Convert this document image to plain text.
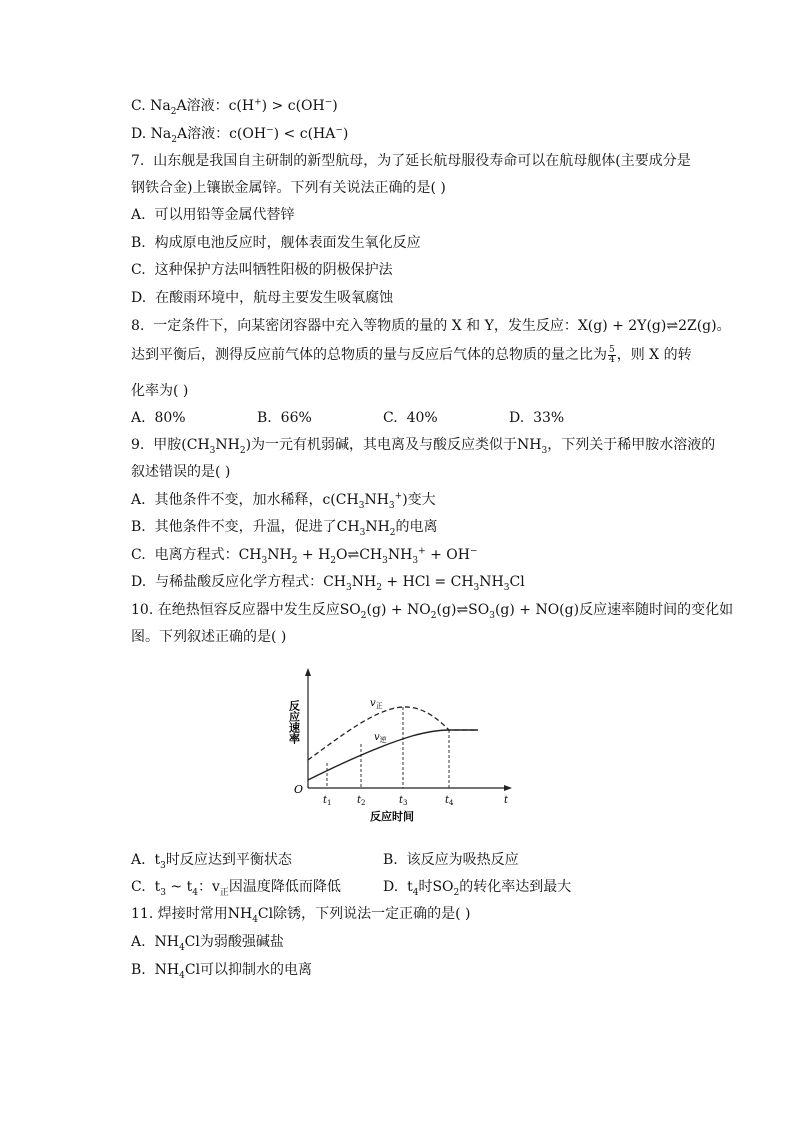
C. $Na_2A$溶液：c(H+) > c(OH−)
D. $Na_2A$溶液：c(OH−) < c(HA−)
7. 山东舰是我国自主研制的新型航母，为了延长航母服役寿命可以在航母舰体(主要成分是
钢铁合金)上镶嵌金属锌。下列有关说法正确的是( )
A. 可以用铅等金属代替锌
B. 构成原电池反应时，舰体表面发生氧化反应
C. 这种保护方法叫牺牲阳极的阴极保护法
D. 在酸雨环境中，航母主要发生吸氧腐蚀
8. 一定条件下，向某密闭容器中充入等物质的量的 X 和 Y，发生反应：X(g) + 2Y(g)⇌2Z(g)。
达到平衡后，测得反应前气体的总物质的量与反应后气体的总物质的量之比为 $\frac{5}{4}$ ，则 X 的转
化率为( )
A. 80%	B. 66%	C. 40%	D. 33%
9. 甲胺$(CH_3NH_2)$为一元有机弱碱，其电离及与酸反应类似于$NH_3$，下列关于稀甲胺水溶液的
叙述错误的是( )
A. 其他条件不变，加水稀释，$c(CH_3NH_3^+)$变大
B. 其他条件不变，升温，促进了$CH_3NH_2$的电离
C. 电离方程式：$CH_3NH_2$ + $H_2O\rightleftharpoons CH_3NH_3^+ + OH^-$
D. 与稀盐酸反应化学方程式：$CH_3NH_2$ + HCl = $CH_3NH_3Cl$
10. 在绝热恒容反应器中发生反应$SO_2(g)$ + $NO_2(g)\rightleftharpoons SO_3(g) + NO(g)$反应速率随时间的变化如
图。下列叙述正确的是( )
$v_正$
$v_逆$
反应速率
O
$t_1$	$t_2$	$t_3$	$t_4$	t
反应时间
A. $t_3$时反应达到平衡状态	B. 该反应为吸热反应
C. $t_3$ ~ $t_4$：$v_正$因温度降低而降低	D. $t_4$时$SO_2$的转化率达到最大
11. 焊接时常用$NH_4Cl$除锈，下列说法一定正确的是( )
A. $NH_4Cl$为弱酸强碱盐
B. $NH_4Cl$可以抑制水的电离
